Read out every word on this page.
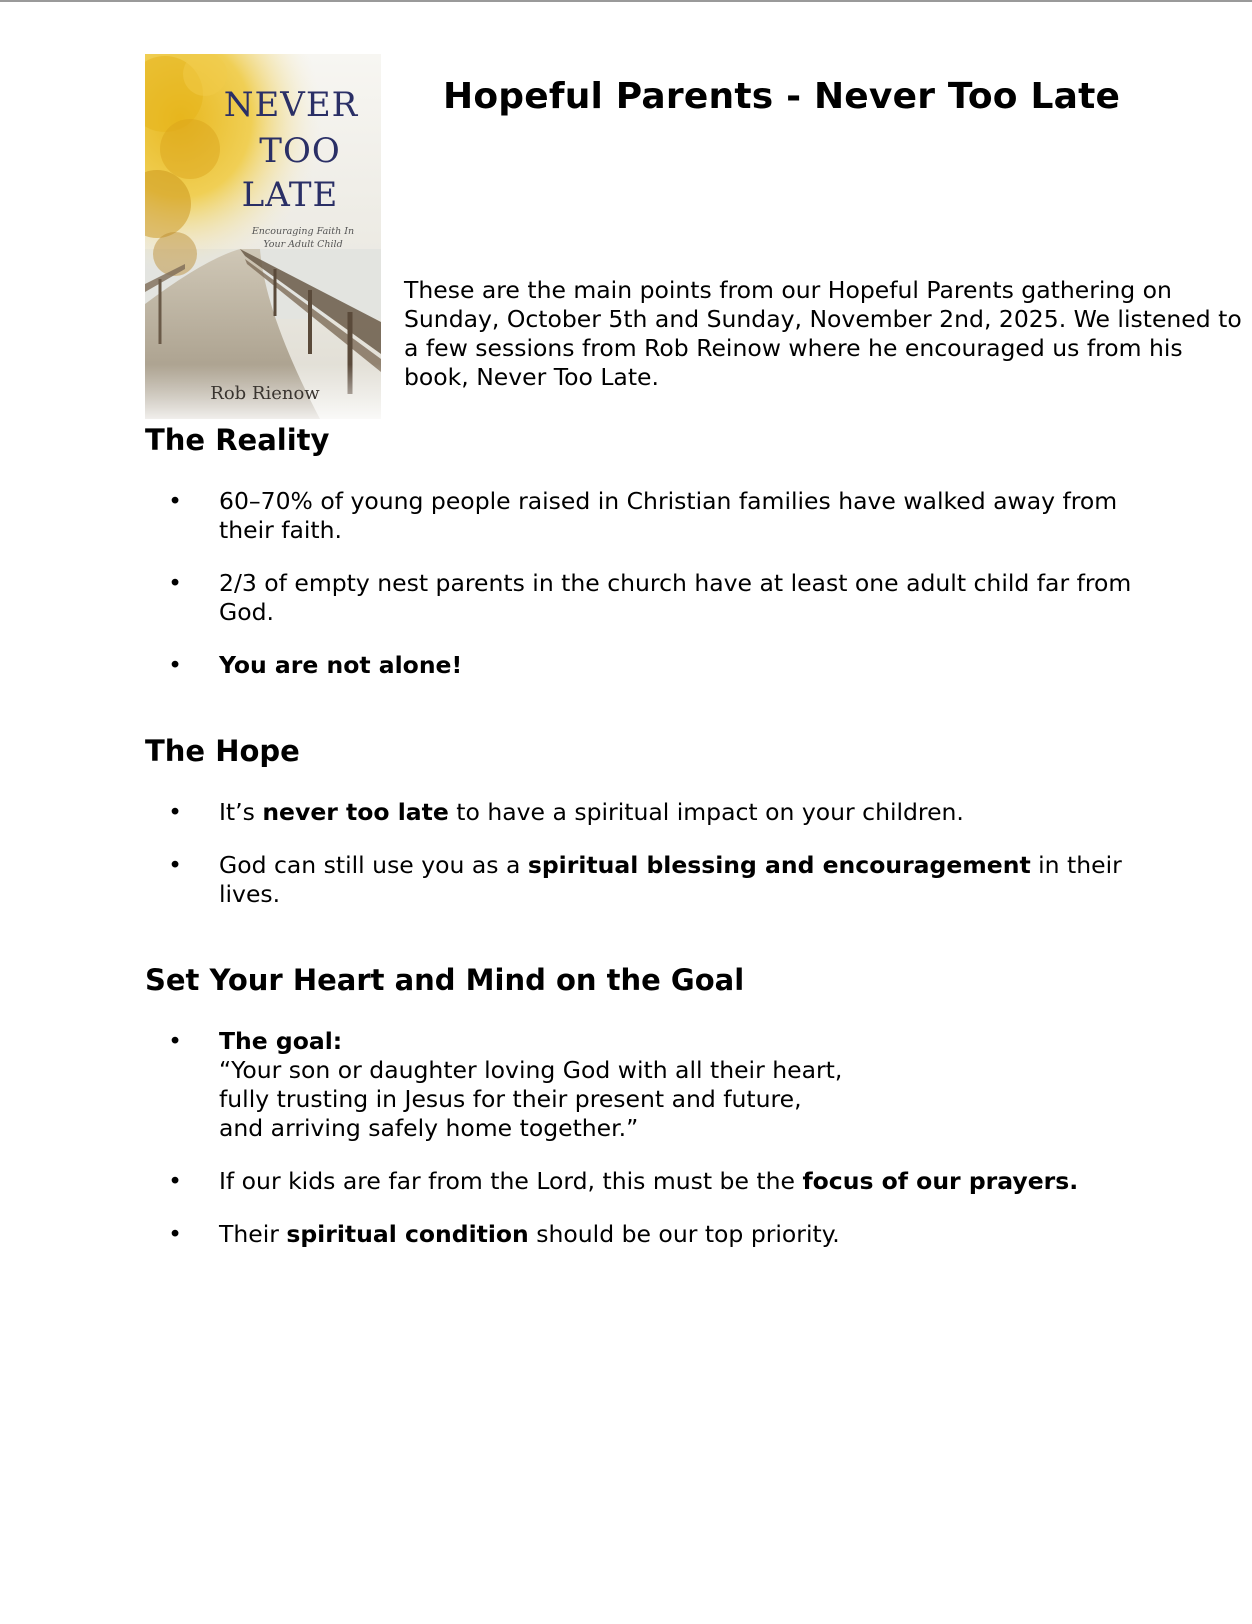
NEVER
TOO
LATE
Encouraging Faith In
Your Adult Child
Rob Rienow
Hopeful Parents - Never Too Late

These are the main points from our Hopeful Parents gathering on
Sunday, October 5th and Sunday, November 2nd, 2025. We listened to
a few sessions from Rob Reinow where he encouraged us from his
book, Never Too Late.

The Reality
• 60–70% of young people raised in Christian families have walked away from
their faith.
• 2/3 of empty nest parents in the church have at least one adult child far from
God.
• You are not alone!
The Hope
• It’s never too late to have a spiritual impact on your children.
• God can still use you as a spiritual blessing and encouragement in their
lives.
Set Your Heart and Mind on the Goal
• The goal:
“Your son or daughter loving God with all their heart,
fully trusting in Jesus for their present and future,
and arriving safely home together.”
• If our kids are far from the Lord, this must be the focus of our prayers.
• Their spiritual condition should be our top priority.
